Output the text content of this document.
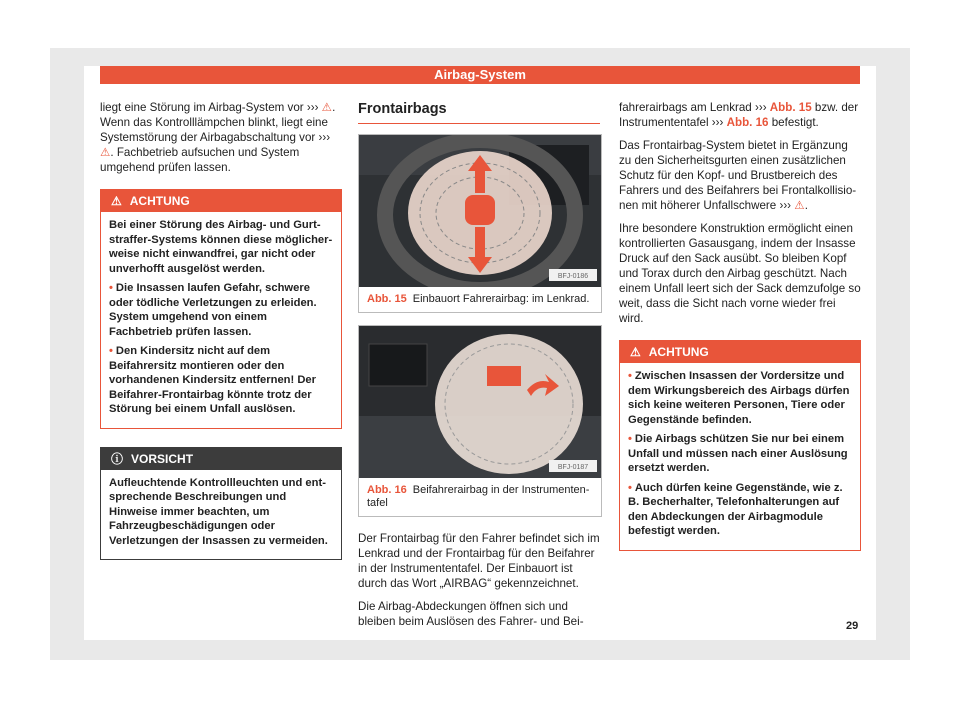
Airbag-System

liegt eine Störung im Airbag-System vor ››› ⚠. Wenn das Kontrolllämpchen blinkt, liegt eine Systemstörung der Airbagabschaltung vor ››› ⚠. Fachbetrieb aufsuchen und System umgehend prüfen lassen.

⚠ ACHTUNG

Bei einer Störung des Airbag- und Gurtstraffer-Systems können diese möglicherweise nicht einwandfrei, gar nicht oder unverhofft ausgelöst werden.

• Die Insassen laufen Gefahr, schwere oder tödliche Verletzungen zu erleiden. System umgehend von einem Fachbetrieb prüfen lassen.

• Den Kindersitz nicht auf dem Beifahrersitz montieren oder den vorhandenen Kindersitz entfernen! Der Beifahrer-Frontairbag könnte trotz der Störung bei einem Unfall auslösen.

ⓘ VORSICHT

Aufleuchtende Kontrollleuchten und entsprechende Beschreibungen und Hinweise immer beachten, um Fahrzeugbeschädigungen oder Verletzungen der Insassen zu vermeiden.

Frontairbags
BFJ-0186
Abb. 15 Einbauort Fahrerairbag: im Lenkrad.
BFJ-0187
Abb. 16 Beifahrerairbag in der Instrumententafel

Der Frontairbag für den Fahrer befindet sich im Lenkrad und der Frontairbag für den Beifahrer in der Instrumententafel. Der Einbauort ist durch das Wort „AIRBAG“ gekennzeichnet.

Die Airbag-Abdeckungen öffnen sich und bleiben beim Auslösen des Fahrer- und Bei-

fahrerairbags am Lenkrad ››› Abb. 15 bzw. der Instrumententafel ››› Abb. 16 befestigt.

Das Frontairbag-System bietet in Ergänzung zu den Sicherheitsgurten einen zusätzlichen Schutz für den Kopf- und Brustbereich des Fahrers und des Beifahrers bei Frontalkollisionen mit höherer Unfallschwere ››› ⚠.

Ihre besondere Konstruktion ermöglicht einen kontrollierten Gasausgang, indem der Insasse Druck auf den Sack ausübt. So bleiben Kopf und Torax durch den Airbag geschützt. Nach einem Unfall leert sich der Sack demzufolge so weit, dass die Sicht nach vorne wieder frei wird.

⚠ ACHTUNG

• Zwischen Insassen der Vordersitze und dem Wirkungsbereich des Airbags dürfen sich keine weiteren Personen, Tiere oder Gegenstände befinden.

• Die Airbags schützen Sie nur bei einem Unfall und müssen nach einer Auslösung ersetzt werden.

• Auch dürfen keine Gegenstände, wie z. B. Becherhalter, Telefonhalterungen auf den Abdeckungen der Airbagmodule befestigt werden.

29
